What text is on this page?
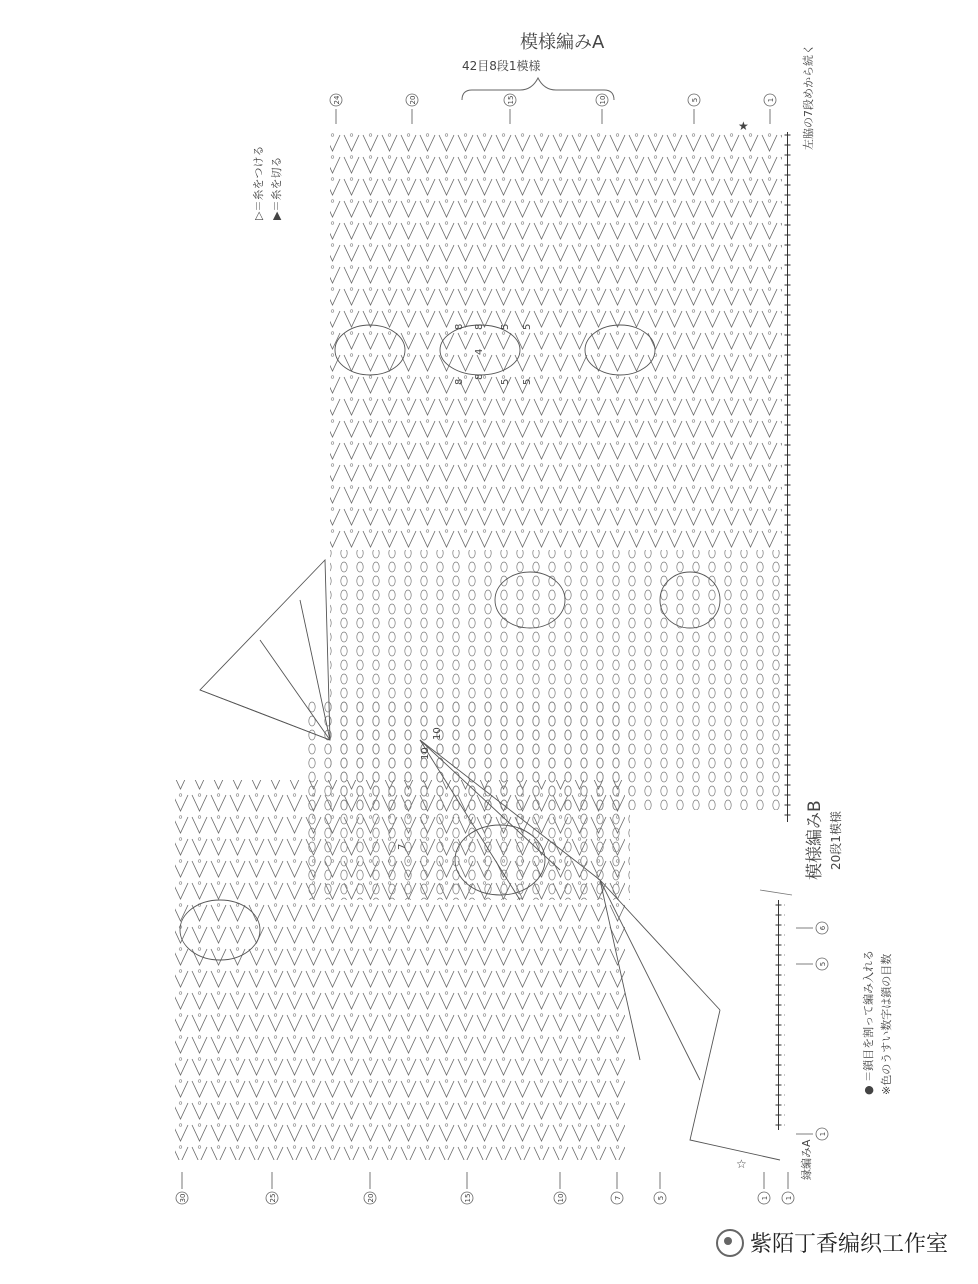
24	20	15	10	5	1
30	25	20	15	10	7	5	1 1
6
5
1
8 8 5
4
5
8
8
5
5
10
10
7
模様編みA
42目8段1模様
模様編みB 20段1模様
縁編みA
左脇の7段めから続く
▷＝糸をつける ▶＝糸を切る
● ＝鎖目を割って編み入れる ※色のうすい数字は鎖の目数
★
☆
紫陌丁香编织工作室
